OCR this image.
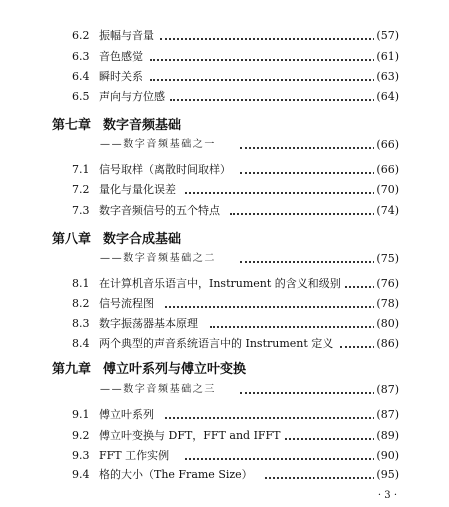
6.2 振幅与音量	(57)
6.3 音色感觉	(61)
6.4 瞬时关系	(63)
6.5 声向与方位感	(64)
第七章 数字音频基础
——数字音频基础之一	(66)
7.1 信号取样（离散时间取样）	(66)
7.2 量化与量化误差	(70)
7.3 数字音频信号的五个特点	(74)
第八章 数字合成基础
——数字音频基础之二	(75)
8.1 在计算机音乐语言中，Instrument 的含义和级别	(76)
8.2 信号流程图	(78)
8.3 数字振荡器基本原理	(80)
8.4 两个典型的声音系统语言中的 Instrument 定义	(86)
第九章 傅立叶系列与傅立叶变换
——数字音频基础之三	(87)
9.1 傅立叶系列	(87)
9.2 傅立叶变换与 DFT，FFT and IFFT	(89)
9.3 FFT 工作实例	(90)
9.4 格的大小（The Frame Size）	(95)
· 3 ·
